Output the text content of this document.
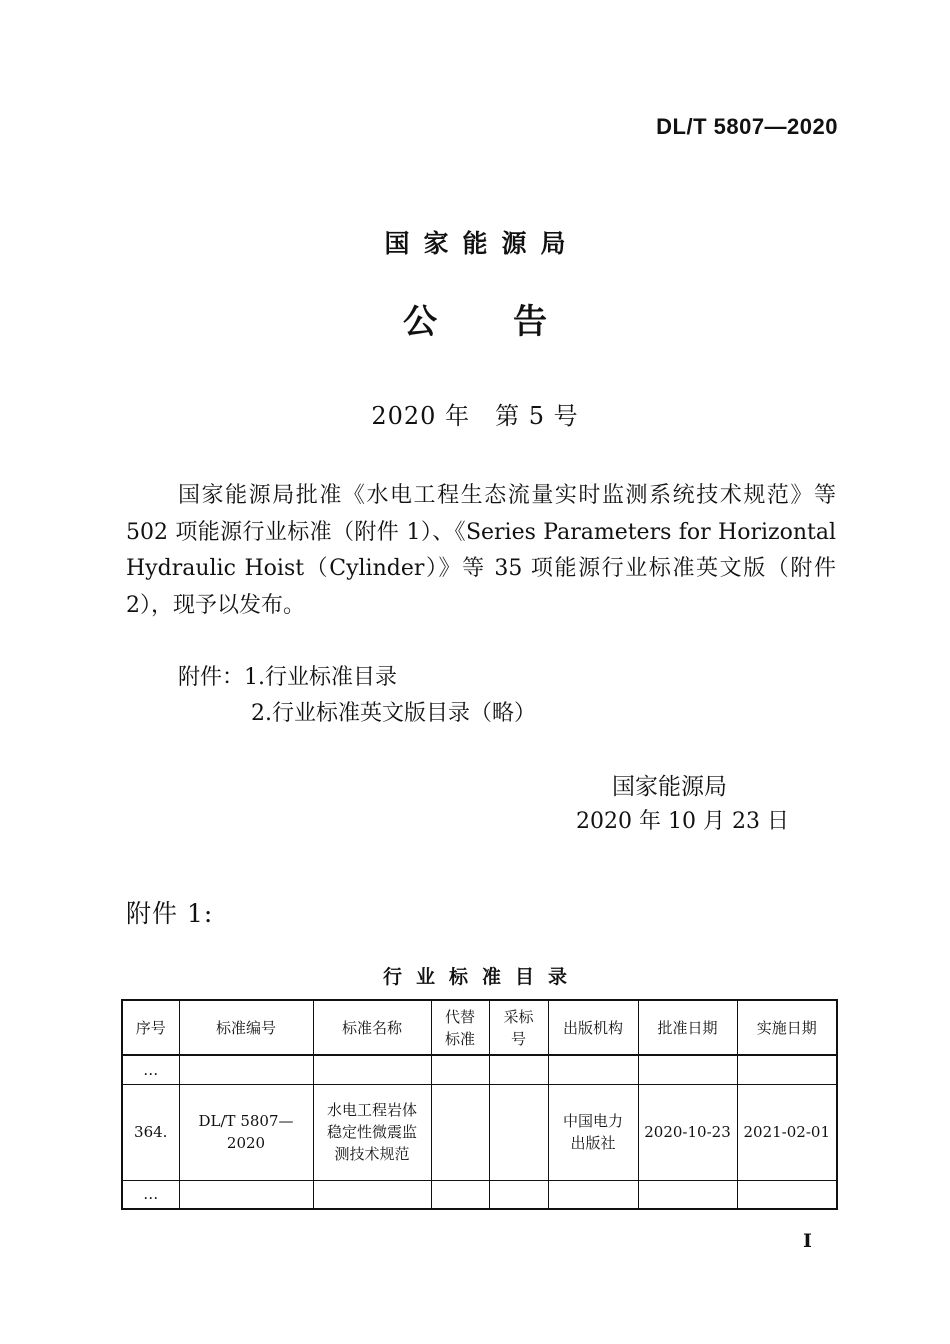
DL/T 5807—2020
国家能源局
公告
2020 年　第 5 号
国家能源局批准《水电工程生态流量实时监测系统技术规范》等 502 项能源行业标准（附件 1）、《Series Parameters for Horizontal Hydraulic Hoist（Cylinder）》等 35 项能源行业标准英文版（附件 2），现予以发布。
附件：1.行业标准目录
2.行业标准英文版目录（略）
国家能源局
2020 年 10 月 23 日
附件 1:
行业标准目录
序号	标准编号	标准名称	代替标准	采标号	出版机构	批准日期	实施日期
…							
364.	DL/T 5807—2020	水电工程岩体稳定性微震监测技术规范			中国电力出版社	2020-10-23	2021-02-01
…							
I
